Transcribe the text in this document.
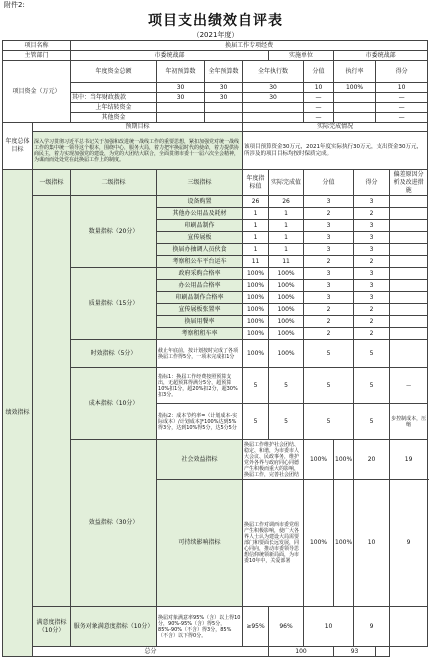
附件2:
项目支出绩效自评表
（2021年度）
项目名称		换届工作专项经费										
主管部门		市委统战部				实施单位		市委统战部				
项目资金（万元）		年度资金总额	年初预算数	全年预算数	全年执行数		分值	执行率		得分		
			30	30	30		10	100%		10		
		其中：当年财政拨款	30	30	30		—			—		
		上年结转资金					—			—		
		其他资金					—			—		
年度总体目标	预期目标				实际完成情况							
	深入学习贯彻习近平总书记关于加强和改进统一战线工作的重要思想，紧扣加强党对统一战线工作的集中统一领导这个根本，围绕中心，服务大局，着力把牢换届时代的使命，着力提供协商民主，着力实现加强党的建设，为党的大团结大联合，全面贯彻市委十一届六次全会精神，为谋而而处处党在此换届工作上的制度。				该项目预算资金30万元，2021年度实际执行30万元，支出资金30万元，所涉及的项目目标均按时保质完成。							
绩效指标	一级指标	二级指标	三级指标		年度指标值	实际完成值	分值		得分		偏差原因分析及改进措施	
		数量指标（20分）	设备购置		26	26	3		3			
			其他办公用品及耗材		1	1	2		2			
			印刷品制作		1	1	3		3			
			宣传展板		1	1	3		3			
			换届办抽调人员伙食		1	1	3		3			
			考察租公车平台运车		11	11	2		2			
		质量指标（15分）	政府采购合格率		100%	100%	3		3			
			办公用品合格率		100%	100%	3		3			
			印刷品制作合格率		100%	100%	3		3			
			宣传展板张置率		100%	100%	2		2			
			换届用餐率		100%	100%	2		2			
			考察租租车率		100%	100%	2		2			
		时效指标（5分）	截止年底前，按计划按时完成了各项换届工作得5分，一项未完成扣1分		100%	100%	5		5			
		成本指标（10分）	指标1：换届工作经费按照预算支出，无超预算得满分5分，超预算10%扣1分，超20%扣2分，超30%扣3分。		5	5	5		5		—	
			指标2：成本节约率=（计划成本-实际成本）/计划成本]*100%达到5%得3分，达到10%得5分，达5分5分		5	5	5		5		步控制成本，压缩	
		效益指标（30分）	社会效益指标		换届工作维护社会团结、稳定、和谐，为市委市人大会议、民政事务，维护党外各界与政府同心同德产生积极而重大的影响，换届工作，完善社会团结		100%	100%	20		19	
			可持续影响指标		换届工作对调西市委党组产生积极影响，使广大各界人士认为建设大局需要部门和要面长远发展，同心同向，推动市委领导思想信仰统领新局面，为市委10年中，关爱部署		100%	100%	10		9	
	满意度指标（10分）	服务对象满意度指标（10分）	换届对象满意率95%（含）以上得10分，90%-95%（含）得5分，85%-90%（不含）得3分，85%（不含）以下得0分。		≥95%	96%	10		9			
	总分					100		93				
